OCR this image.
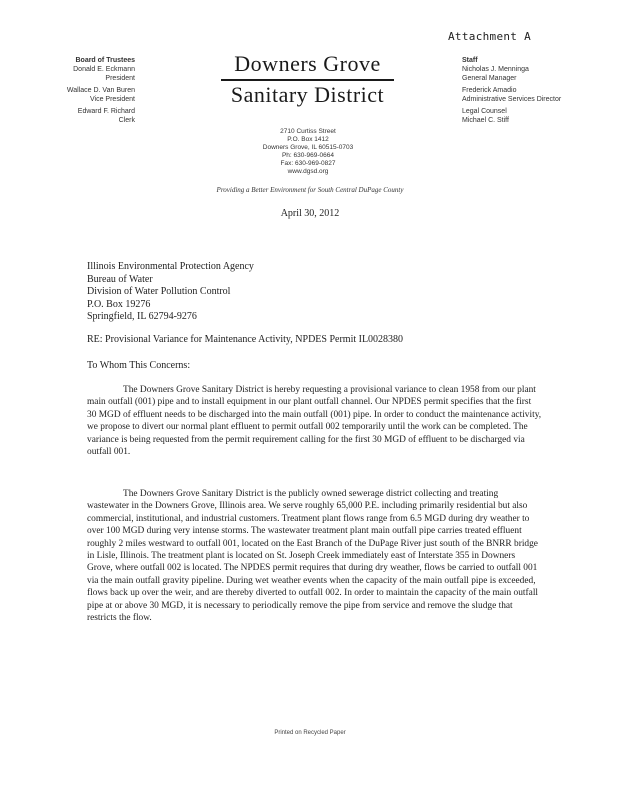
Attachment A
Board of Trustees
Donald E. Eckmann
President
Wallace D. Van Buren
Vice President
Edward F. Richard
Clerk
Downers Grove
Sanitary District
2710 Curtiss Street
P.O. Box 1412
Downers Grove, IL 60515-0703
Ph: 630-969-0664
Fax: 630-969-0827
www.dgsd.org
Staff
Nicholas J. Menninga
General Manager
Frederick Amadio
Administrative Services Director
Legal Counsel
Michael C. Stiff
Providing a Better Environment for South Central DuPage County
April 30, 2012
Illinois Environmental Protection Agency
Bureau of Water
Division of Water Pollution Control
P.O. Box 19276
Springfield, IL 62794-9276
RE: Provisional Variance for Maintenance Activity, NPDES Permit IL0028380
To Whom This Concerns:
The Downers Grove Sanitary District is hereby requesting a provisional variance to clean 1958 from our plant main outfall (001) pipe and to install equipment in our plant outfall channel. Our NPDES permit specifies that the first 30 MGD of effluent needs to be discharged into the main outfall (001) pipe. In order to conduct the maintenance activity, we propose to divert our normal plant effluent to permit outfall 002 temporarily until the work can be completed. The variance is being requested from the permit requirement calling for the first 30 MGD of effluent to be discharged via outfall 001.
The Downers Grove Sanitary District is the publicly owned sewerage district collecting and treating wastewater in the Downers Grove, Illinois area. We serve roughly 65,000 P.E. including primarily residential but also commercial, institutional, and industrial customers. Treatment plant flows range from 6.5 MGD during dry weather to over 100 MGD during very intense storms. The wastewater treatment plant main outfall pipe carries treated effluent roughly 2 miles westward to outfall 001, located on the East Branch of the DuPage River just south of the BNRR bridge in Lisle, Illinois. The treatment plant is located on St. Joseph Creek immediately east of Interstate 355 in Downers Grove, where outfall 002 is located. The NPDES permit requires that during dry weather, flows be carried to outfall 001 via the main outfall gravity pipeline. During wet weather events when the capacity of the main outfall pipe is exceeded, flows back up over the weir, and are thereby diverted to outfall 002. In order to maintain the capacity of the main outfall pipe at or above 30 MGD, it is necessary to periodically remove the pipe from service and remove the sludge that restricts the flow.
Printed on Recycled Paper
